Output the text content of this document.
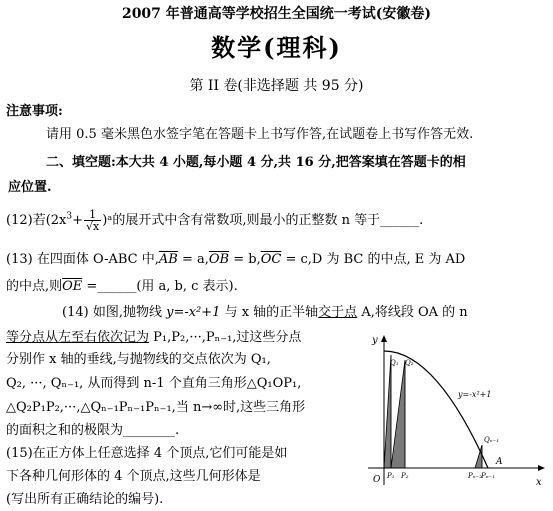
2007 年普通高等学校招生全国统一考试(安徽卷)
数学(理科)
第 II 卷(非选择题 共 95 分)
注意事项:
请用 0.5 毫米黑色水签字笔在答题卡上书写作答,在试题卷上书写作答无效.
二、填空题:本大共 4 小题,每小题 4 分,共 16 分,把答案填在答题卡的相
应位置.
(12)若($2x^3+ \frac{1}{√x}$ )ᵃ的展开式中含有常数项,则最小的正整数 n 等于______.
(13) 在四面体 O-ABC 中$,\overline{AB} = a,\overline{OB} = b,\overline{OC} = c,D$ 为 BC 的中点, E 为 AD
的中点,则$\overline{OE}$ =______(用 a, b, c 表示).
(14) 如图,抛物线 y=-x²+1 与 x 轴的正半轴交于点 A,将线段 OA 的 n
等分点从左至右依次记为 P₁,P₂,···,Pₙ₋₁,过这些分点
分别作 x 轴的垂线,与抛物线的交点依次为 Q₁,
Q₂, ···, Qₙ₋₁, 从而得到 n-1 个直角三角形△Q₁OP₁,
△Q₂P₁P₂,···,△Qₙ₋₁Pₙ₋₁Pₙ₋₁,当 n→∞时,这些三角形
的面积之和的极限为________.
(15)在正方体上任意选择 4 个顶点,它们可能是如
下各种几何形体的 4 个顶点,这些几何形体是
(写出所有正确结论的编号).
y
x
O
y=-x²+1
A
Q₁ Q₂
Qₙ₋₁
P₁ P₂	Pₙ₋₂
Pₙ₋₁
